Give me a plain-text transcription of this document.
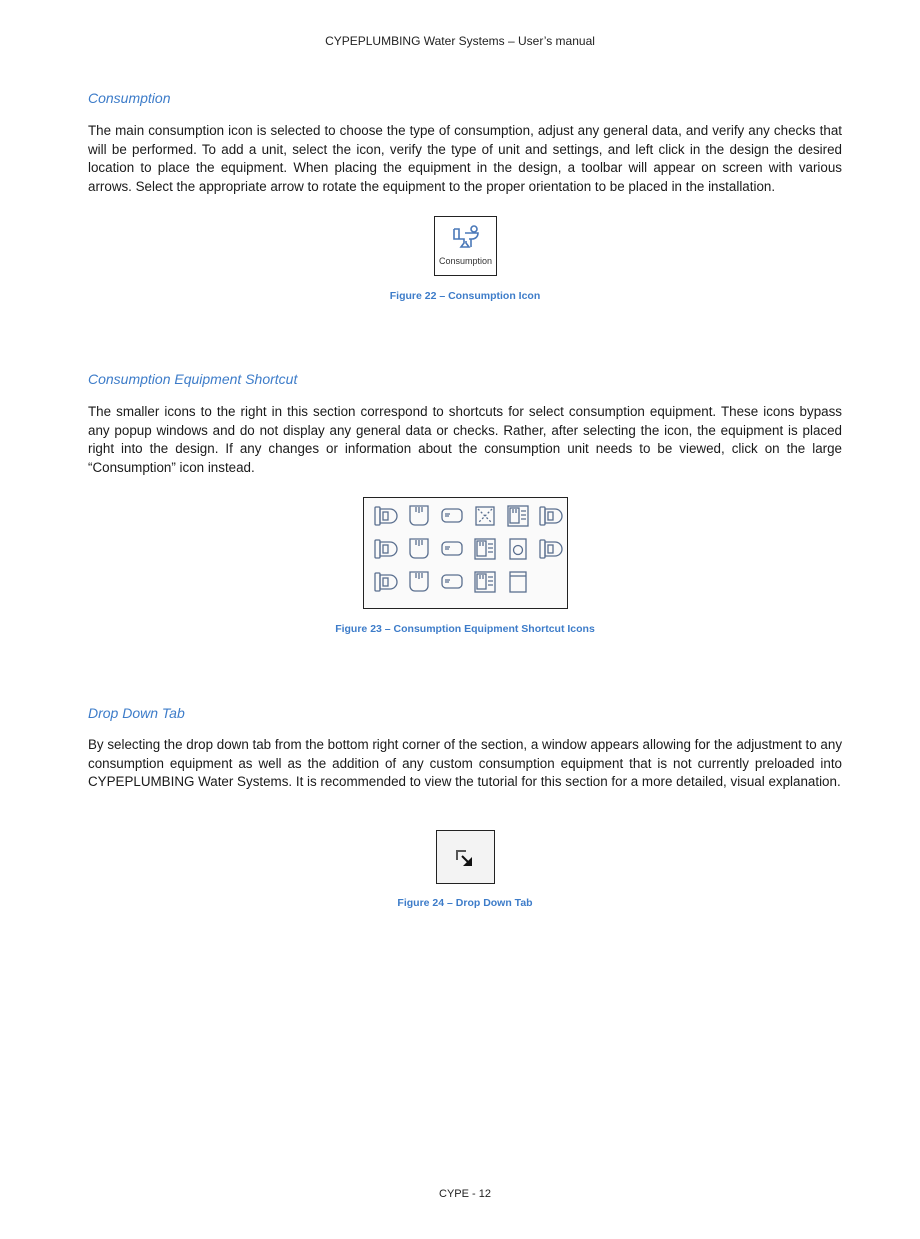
CYPEPLUMBING Water Systems – User’s manual
Consumption
The main consumption icon is selected to choose the type of consumption, adjust any general data, and verify any checks that will be performed. To add a unit, select the icon, verify the type of unit and settings, and left click in the design the desired location to place the equipment. When placing the equipment in the design, a toolbar will appear on screen with various arrows. Select the appropriate arrow to rotate the equipment to the proper orientation to be placed in the installation.
Consumption
Figure 22 – Consumption Icon
Consumption Equipment Shortcut
The smaller icons to the right in this section correspond to shortcuts for select consumption equipment. These icons bypass any popup windows and do not display any general data or checks. Rather, after selecting the icon, the equipment is placed right into the design. If any changes or information about the consumption unit needs to be viewed, click on the large “Consumption” icon instead.
Figure 23 – Consumption Equipment Shortcut Icons
Drop Down Tab
By selecting the drop down tab from the bottom right corner of the section, a window appears allowing for the adjustment to any consumption equipment as well as the addition of any custom consumption equipment that is not currently preloaded into CYPEPLUMBING Water Systems. It is recommended to view the tutorial for this section for a more detailed, visual explanation.
Figure 24 – Drop Down Tab
CYPE - 12
